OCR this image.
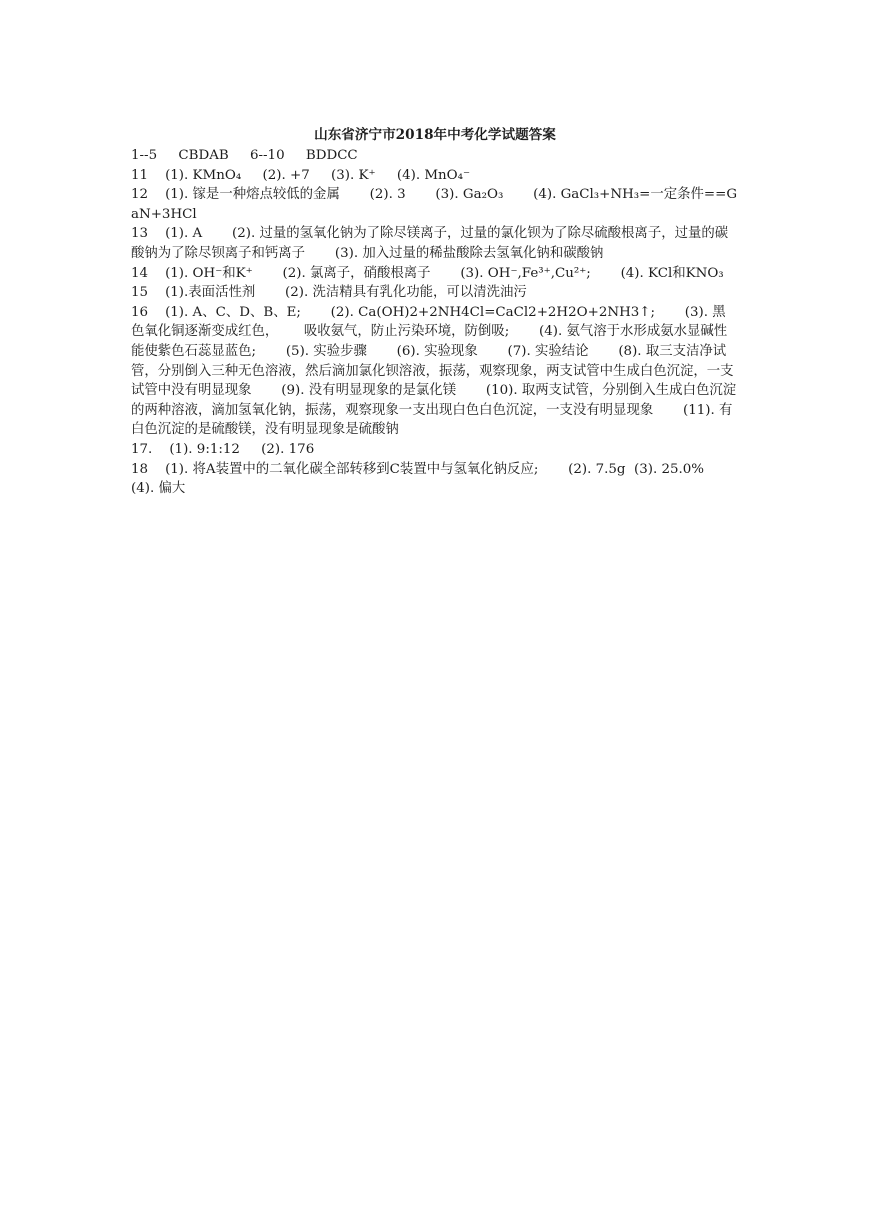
山东省济宁市2018年中考化学试题答案
1--5     CBDAB     6--10     BDDCC
11    (1). KMnO₄     (2). +7     (3). K⁺     (4). MnO₄⁻
12    (1). 镓是一种熔点较低的金属       (2). 3       (3). Ga₂O₃       (4). GaCl₃+NH₃=一定条件==GaN+3HCl
13    (1). A       (2). 过量的氢氧化钠为了除尽镁离子，过量的氯化钡为了除尽硫酸根离子，过量的碳酸钠为了除尽钡离子和钙离子       (3). 加入过量的稀盐酸除去氢氧化钠和碳酸钠
14    (1). OH⁻和K⁺       (2). 氯离子，硝酸根离子       (3). OH⁻,Fe³⁺,Cu²⁺;       (4). KCl和KNO₃
15    (1).表面活性剂       (2). 洗洁精具有乳化功能，可以清洗油污
16    (1). A、C、D、B、E;       (2). Ca(OH)2+2NH4Cl=CaCl2+2H2O+2NH3↑;       (3). 黑色氧化铜逐渐变成红色，      吸收氨气，防止污染环境，防倒吸;       (4). 氨气溶于水形成氨水显碱性能使紫色石蕊显蓝色;       (5). 实验步骤       (6). 实验现象       (7). 实验结论       (8). 取三支洁净试管，分别倒入三种无色溶液，然后滴加氯化钡溶液，振荡，观察现象，两支试管中生成白色沉淀，一支试管中没有明显现象       (9). 没有明显现象的是氯化镁       (10). 取两支试管，分别倒入生成白色沉淀的两种溶液，滴加氢氧化钠，振荡，观察现象一支出现白色白色沉淀，一支没有明显现象       (11). 有白色沉淀的是硫酸镁，没有明显现象是硫酸钠
17.    (1). 9:1:12     (2). 176
18    (1). 将A装置中的二氧化碳全部转移到C装置中与氢氧化钠反应;       (2). 7.5g  (3). 25.0%     (4). 偏大
